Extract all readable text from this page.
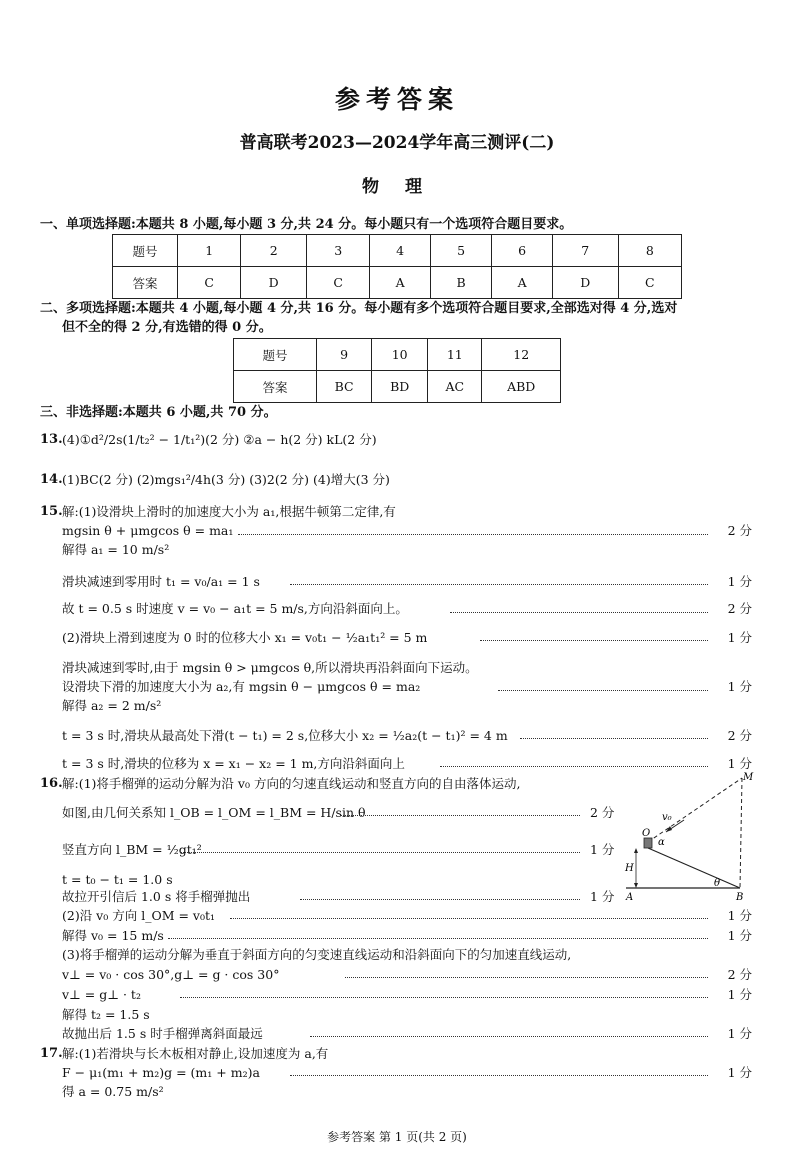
参考答案
普高联考2023—2024学年高三测评(二)
物 理
一、单项选择题:本题共 8 小题,每小题 3 分,共 24 分。每小题只有一个选项符合题目要求。
题号	1	2	3	4	5	6	7	8
答案	C	D	C	A	B	A	D	C
二、多项选择题:本题共 4 小题,每小题 4 分,共 16 分。每小题有多个选项符合题目要求,全部选对得 4 分,选对
但不全的得 2 分,有选错的得 0 分。
题号	9	10	11	12
答案	BC	BD	AC	ABD
三、非选择题:本题共 6 小题,共 70 分。
13. (4)①d²/2s(1/t₂² − 1/t₁²)(2 分) ②a − h(2 分) kL(2 分)
14. (1)BC(2 分) (2)mgs₁²/4h(3 分) (3)2(2 分) (4)增大(3 分)
15. 解:(1)设滑块上滑时的加速度大小为 a₁,根据牛顿第二定律,有
mgsin θ + μmgcos θ = ma₁	2 分
解得 a₁ = 10 m/s²
滑块减速到零用时 t₁ = v₀/a₁ = 1 s	1 分
故 t = 0.5 s 时速度 v = v₀ − a₁t = 5 m/s,方向沿斜面向上。	2 分
(2)滑块上滑到速度为 0 时的位移大小 x₁ = v₀t₁ − ½a₁t₁² = 5 m	1 分
滑块减速到零时,由于 mgsin θ > μmgcos θ,所以滑块再沿斜面向下运动。
设滑块下滑的加速度大小为 a₂,有 mgsin θ − μmgcos θ = ma₂	1 分
解得 a₂ = 2 m/s²
t = 3 s 时,滑块从最高处下滑(t − t₁) = 2 s,位移大小 x₂ = ½a₂(t − t₁)² = 4 m	2 分
t = 3 s 时,滑块的位移为 x = x₁ − x₂ = 1 m,方向沿斜面向上	1 分
16. 解:(1)将手榴弹的运动分解为沿 v₀ 方向的匀速直线运动和竖直方向的自由落体运动,
如图,由几何关系知 l_OB = l_OM = l_BM = H/sin θ	2 分
竖直方向 l_BM = ½gt₁²	1 分
t = t₀ − t₁ = 1.0 s
故拉开引信后 1.0 s 将手榴弹抛出	1 分
(2)沿 v₀ 方向 l_OM = v₀t₁	1 分
解得 v₀ = 15 m/s	1 分
(3)将手榴弹的运动分解为垂直于斜面方向的匀变速直线运动和沿斜面向下的匀加速直线运动,
v⊥ = v₀ · cos 30°,g⊥ = g · cos 30°	2 分
v⊥ = g⊥ · t₂	1 分
解得 t₂ = 1.5 s
故抛出后 1.5 s 时手榴弹离斜面最远	1 分
M
O
v₀
α
H
θ
A	B
17. 解:(1)若滑块与长木板相对静止,设加速度为 a,有
F − μ₁(m₁ + m₂)g = (m₁ + m₂)a	1 分
得 a = 0.75 m/s²
参考答案 第 1 页(共 2 页)
